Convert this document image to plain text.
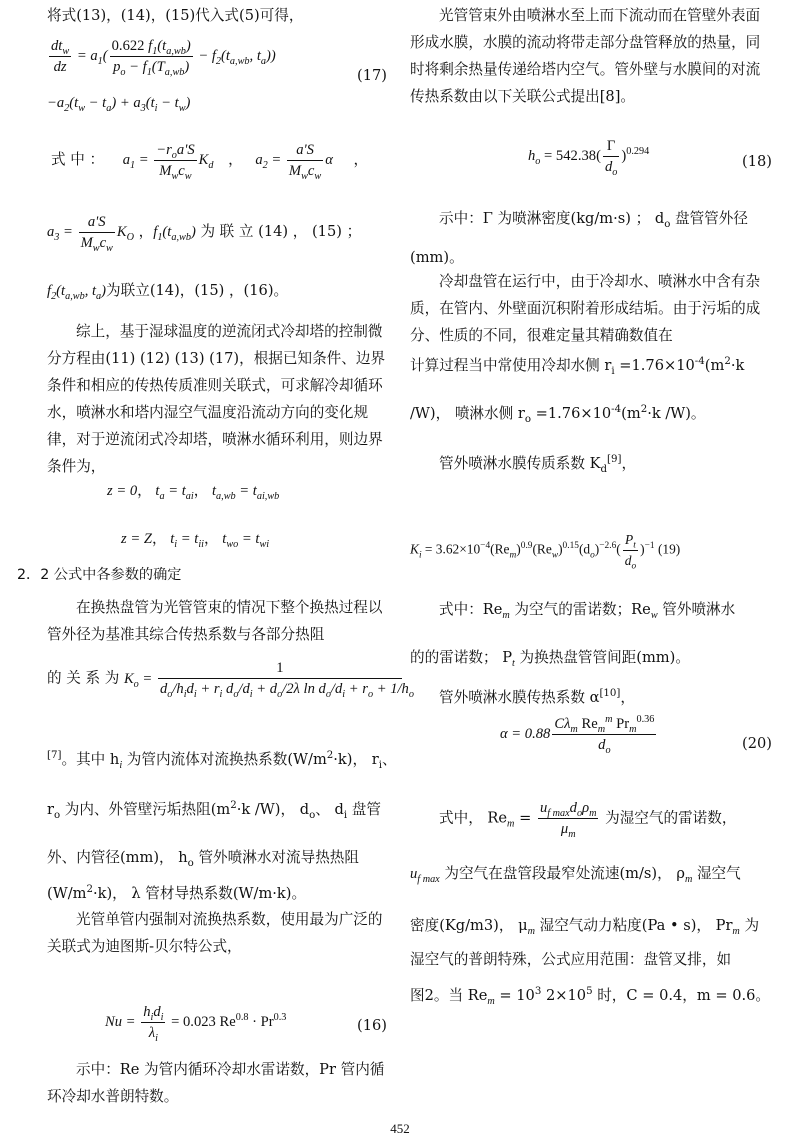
将式(13)，(14)，(15)代入式(5)可得，

$\frac{dt_w}{dz} = a_1( \frac{0.622 f_1(t_{a,wb})}{p_o - f_1(T_{a,wb})} - f_2(t_{a,wb}$, $t_a$))
(17)
$-a_2(t_w - t_a) + a_3(t_i - t_w)$
式 中 ： $a_1 = \frac{-r_oa'S}{M_wc_w} K_d$ ， $a_2 = \frac{a'S}{M_wc_w}$ α ，
$a_3 = \frac{a'S}{M_wc_w} K_O$ ，$f_1(t_{a,wb})$ 为 联 立 (14) ， (15) ；
$f_2(t_{a,wb}$, $t_a$)为联立(14)，(15) ，(16)。

综上，基于湿球温度的逆流闭式冷却塔的控制微分方程由(11) (12) (13) (17)，根据已知条件、边界条件和相应的传热传质准则关联式，可求解冷却循环水，喷淋水和塔内湿空气温度沿流动方向的变化规律，对于逆流闭式冷却塔，喷淋水循环利用，则边界条件为，

z = 0， $t_a = t_{ai}$， $t_{a,wb} = t_{ai,wb}$
z = Z， $t_i = t_{ii}$， $t_{wo} = t_{wi}$
2．2 公式中各参数的确定

在换热盘管为光管管束的情况下整个换热过程以管外径为基准其综合传热系数与各部分热阻

的 关 系 为 $K_o = \frac{1}{d_o/h_id_i + r_i d_o/d_i + d_o/2\lambda \ln d_o/d_i + r_o + 1/h_o}$
[7]。其中 $h_i$ 为管内流体对流换热系数$(W/m^2\cdot k)$， $r_i$、
$r_o$ 为内、外管壁污垢热阻($m^2\cdot k$ /W)， $d_o$、 $d_i$ 盘管
外、内管径(mm)， $h_o$ 管外喷淋水对流导热热阻
$(W/m^2\cdot k)$， λ 管材导热系数(W/m·k)。

光管单管内强制对流换热系数，使用最为广泛的关联式为迪图斯-贝尔特公式，

$Nu = \frac{h_id_i}{\lambda_i} = 0.023$ $Re^{0.8} \cdot Pr^{0.3}$	(16)

示中：Re 为管内循环冷却水雷诺数，Pr 管内循环冷却水普朗特数。

光管管束外由喷淋水至上而下流动而在管壁外表面形成水膜，水膜的流动将带走部分盘管释放的热量，同时将剩余热量传递给塔内空气。管外壁与水膜间的对流传热系数由以下关联公式提出[8]。

$h_o = 542.38( \frac{\Gamma}{d_o} )^{0.294}$
(18)
示中：Γ 为喷淋密度(kg/m·s) ； $d_o$ 盘管管外径
(mm)。

冷却盘管在运行中，由于冷却水、喷淋水中含有杂质，在管内、外壁面沉积附着形成结垢。由于污垢的成分、性质的不同，很难定量其精确数值在

计算过程当中常使用冷却水侧 $r_i =1.76\times 10^{-4}(m^2\cdot k$
/W)， 喷淋水侧 $r_o =1.76\times 10^{-4}(m^2\cdot k$ /W)。
管外喷淋水膜传质系数 $K_d[9]$，
$K_i = 3.62\times 10^{-4}(Re_m)^{0.9}(Re_w)^{0.15}(d_o)^{-2.6}( \frac{P_t}{d_o} )^{-1}$ (19)
式中：$Re_m$ 为空气的雷诺数；$Re_w$ 管外喷淋水
的的雷诺数； $P_t$ 为换热盘管管间距(mm)。
管外喷淋水膜传热系数 α[10]，
$\alpha = 0.88 \frac{C\lambda_m Re_m^m Pr_m^{0.36}}{d_o}$	(20)
式中， $Re_m = \frac{u_{f max}d_o\rho_m}{\mu_m}$ 为湿空气的雷诺数，
$u_{f max}$ 为空气在盘管段最窄处流速(m/s)， $\rho_m$ 湿空气
密度(Kg/m3)， $\mu_m$ 湿空气动力粘度(Pa • s)， $Pr_m$ 为
湿空气的普朗特殊，公式应用范围：盘管叉排，如
图2。当 $Re_m = 10^3$ $2\times 10^5$ 时，C = 0.4，m = 0.6。
452
